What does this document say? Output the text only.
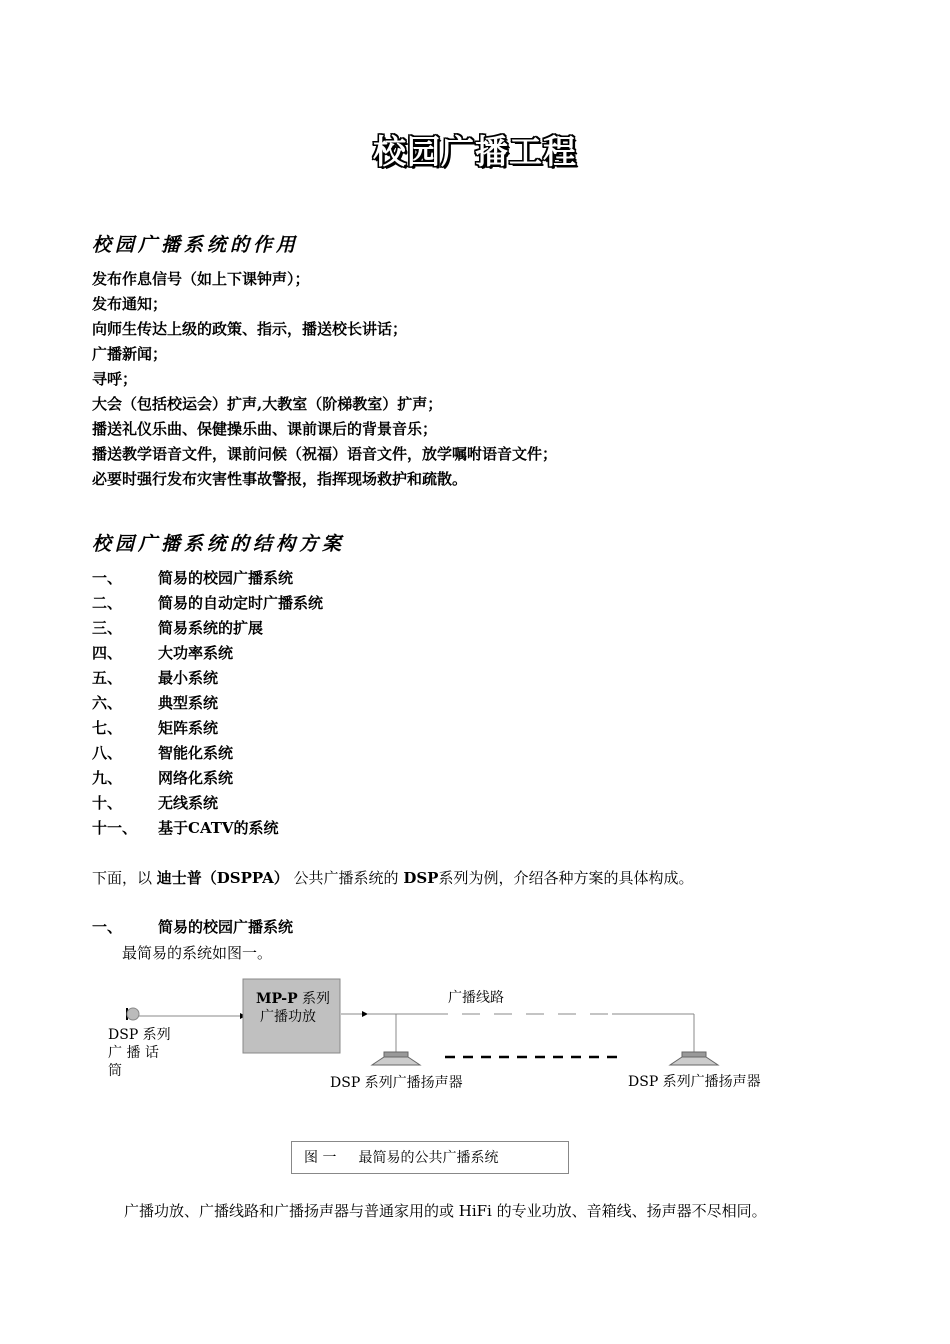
校园广播工程
校园广播系统的作用
发布作息信号（如上下课钟声）；
发布通知；
向师生传达上级的政策、指示，播送校长讲话；
广播新闻；
寻呼；
大会（包括校运会）扩声,大教室（阶梯教室）扩声；
播送礼仪乐曲、保健操乐曲、课前课后的背景音乐；
播送教学语音文件，课前问候（祝福）语音文件，放学嘱咐语音文件；
必要时强行发布灾害性事故警报，指挥现场救护和疏散。
校园广播系统的结构方案
一、 简易的校园广播系统
二、 简易的自动定时广播系统
三、 简易系统的扩展
四、 大功率系统
五、 最小系统
六、 典型系统
七、 矩阵系统
八、 智能化系统
九、 网络化系统
十、 无线系统
十一、 基于CATV的系统
下面，以 迪士普（DSPPA） 公共广播系统的 DSP系列为例，介绍各种方案的具体构成。
一、 简易的校园广播系统
最简易的系统如图一。
MP-P 系列
广播功放
广播线路
DSP 系列
广 播 话
筒
DSP 系列广播扬声器	DSP 系列广播扬声器
图 一 最简易的公共广播系统
广播功放、广播线路和广播扬声器与普通家用的或 HiFi 的专业功放、音箱线、扬声器不尽相同。
